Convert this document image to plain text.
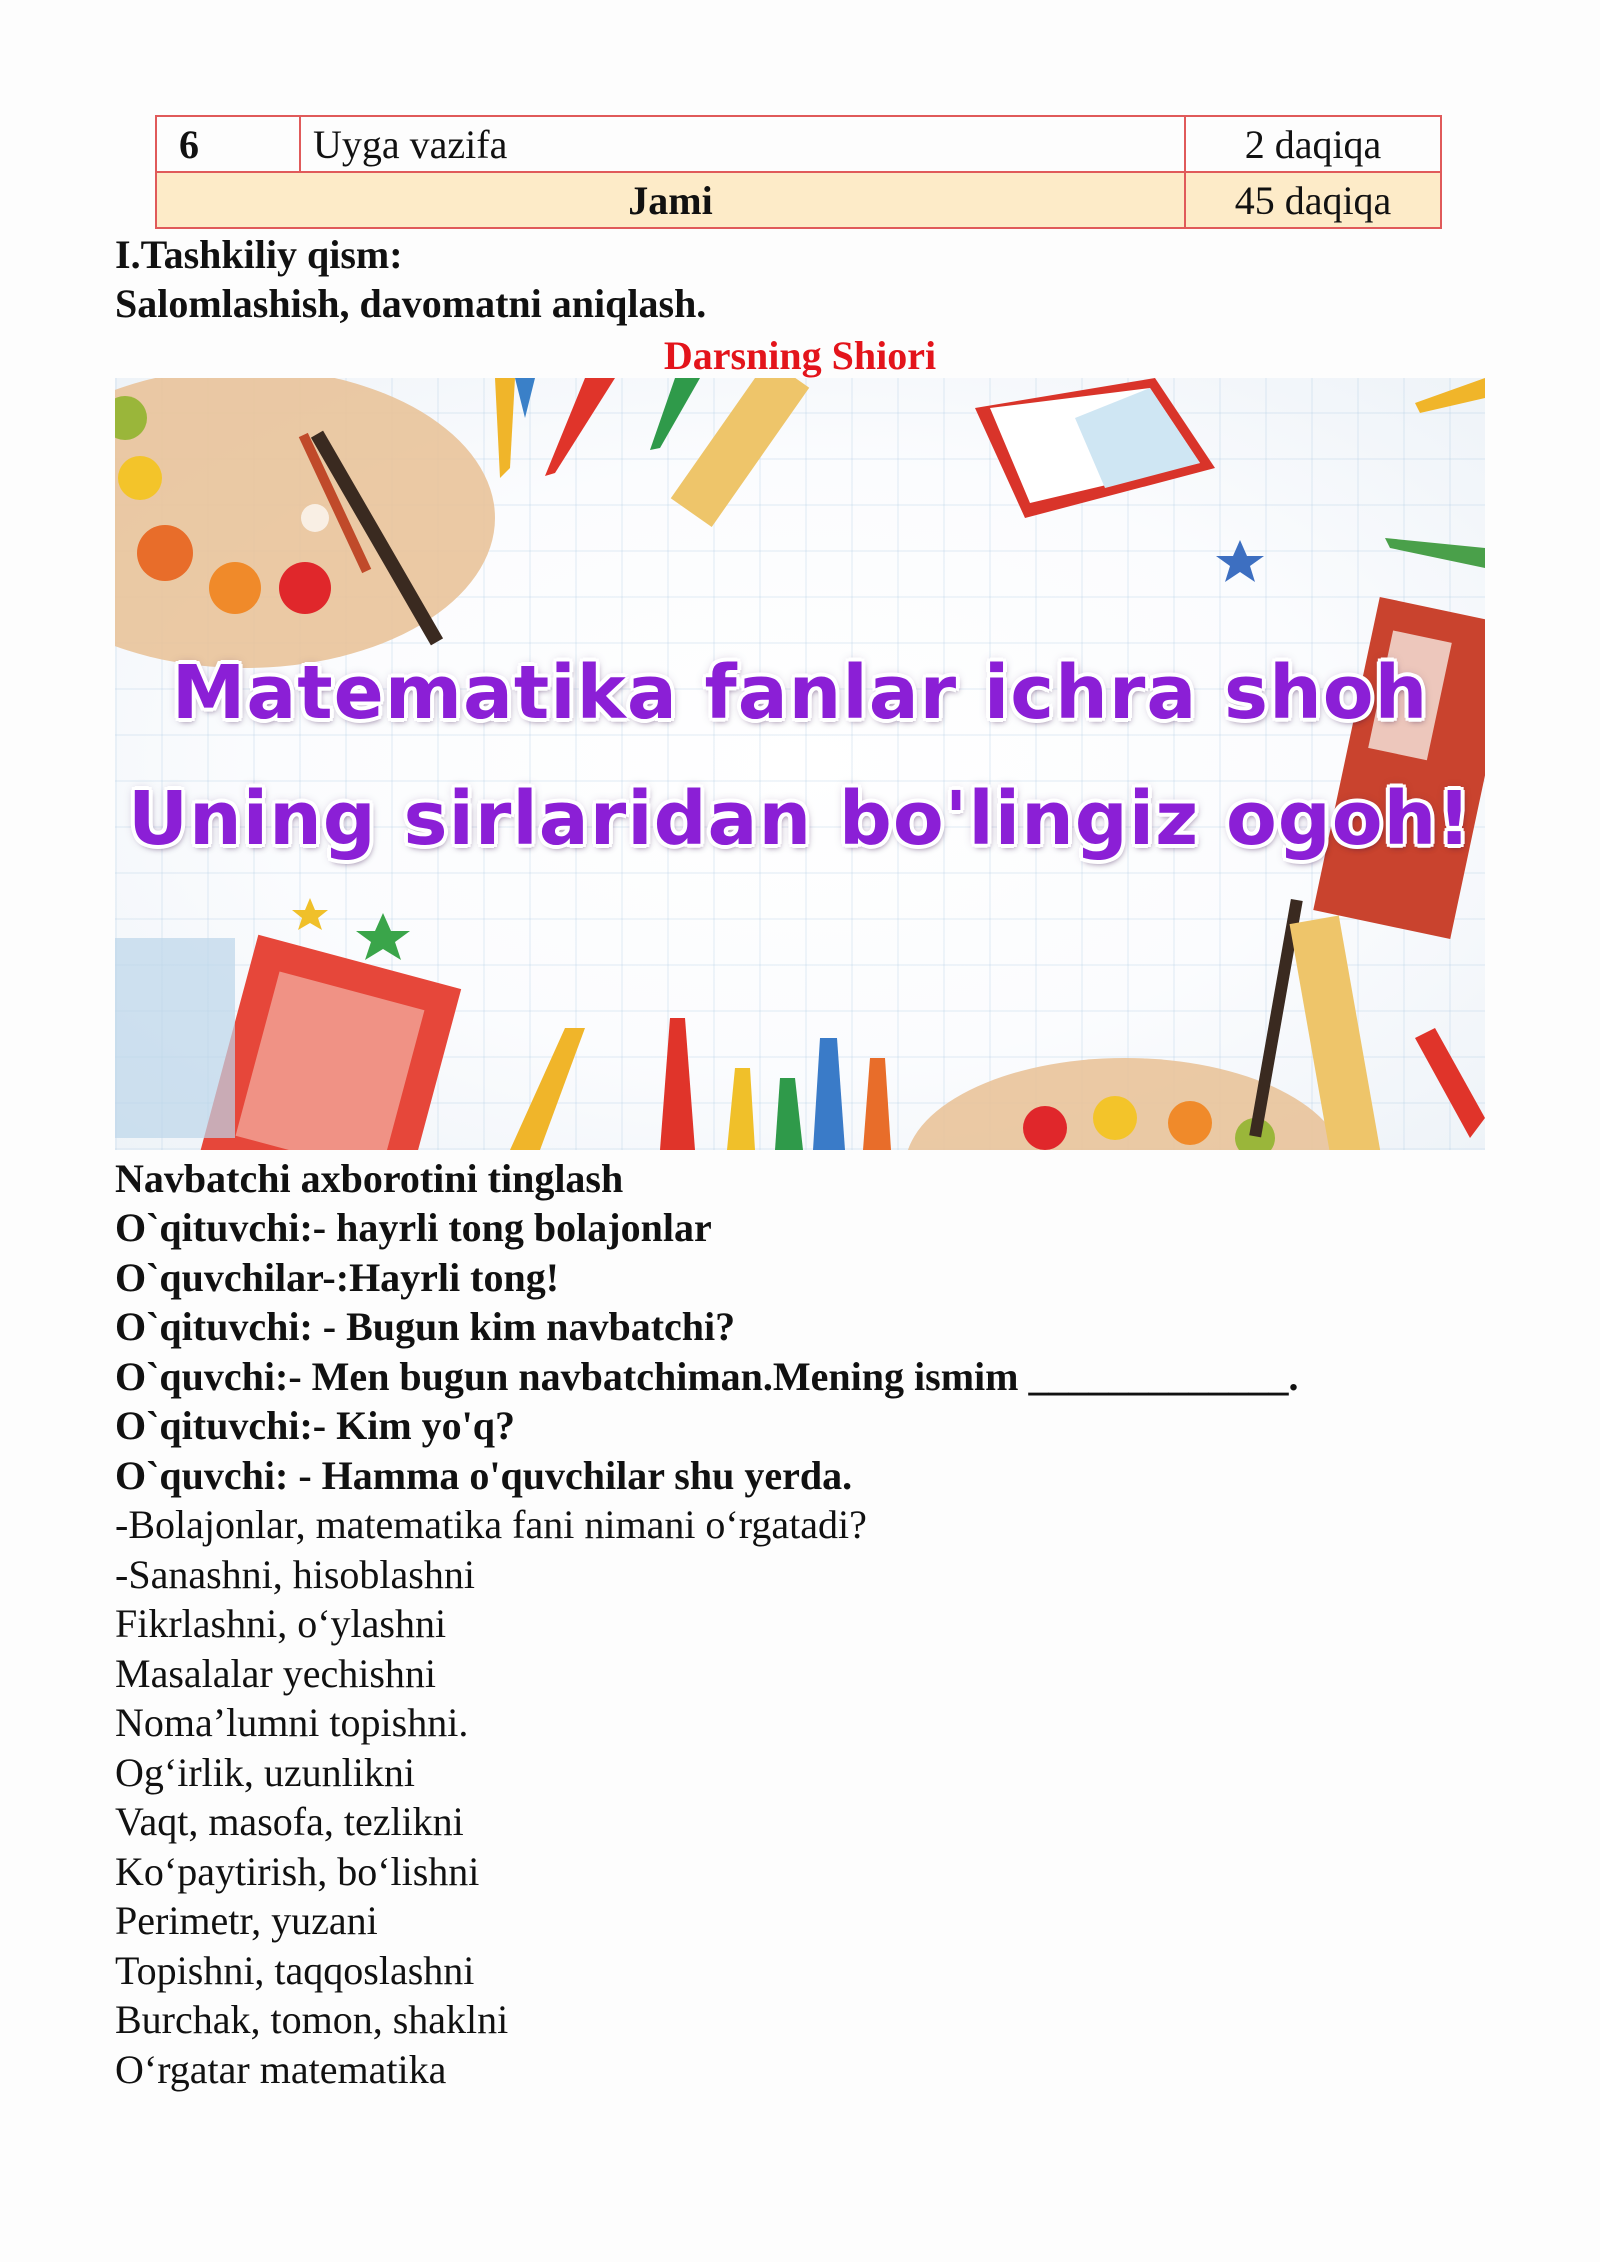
6	Uyga vazifa	2 daqiqa
Jami		45 daqiqa
I.Tashkiliy qism:
Salomlashish, davomatni aniqlash.
Darsning Shiori
Matematika fanlar ichra shoh
Uning sirlaridan bo'lingiz ogoh!
Navbatchi axborotini tinglash
O`qituvchi:- hayrli tong bolajonlar
O`quvchilar-:Hayrli tong!
O`qituvchi: - Bugun kim navbatchi?
O`quvchi:- Men bugun navbatchiman.Mening ismim _____________.
O`qituvchi:- Kim yo'q?
O`quvchi: - Hamma o'quvchilar shu yerda.
-Bolajonlar, matematika fani nimani o‘rgatadi?
-Sanashni, hisoblashni
Fikrlashni, o‘ylashni
Masalalar yechishni
Noma’lumni topishni.
Og‘irlik, uzunlikni
Vaqt, masofa, tezlikni
Ko‘paytirish, bo‘lishni
Perimetr, yuzani
Topishni, taqqoslashni
Burchak, tomon, shaklni
O‘rgatar matematika
